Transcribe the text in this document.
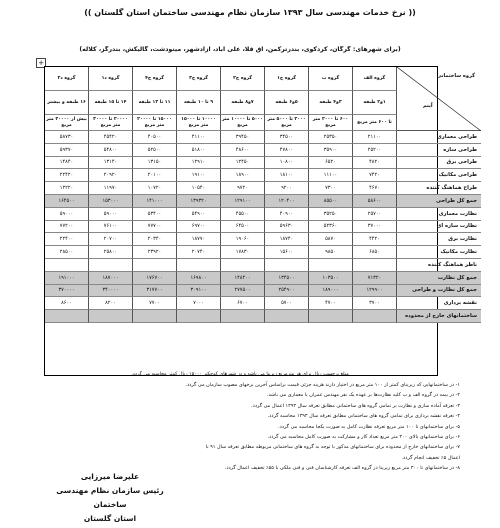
(( نرخ خدمات مهندسی سال ۱۳۹۳ سازمان نظام مهندسی ساختمان استان گلستان ))
(برای شهرهای: گرگان، کردکوی، بندرترکمن، آق قلا، علی آباد، آزادشهر، مینودشت، گالیکش، بندرگز، کلاله)
+
گروه ساختمانی
آیتم
گروه الف
۱و۲ طبقه
تا ۶۰۰ متر مربع
گروه ب
۳و۴ طبقه
۶۰۰ تا ۲۰۰۰ متر مربع
گروه ج۱
۵و۶ طبقه
۲۰۰۰ تا ۵۰۰۰ متر مربع
گروه ج۲
۷و۸ طبقه
۵۰۰۰ تا ۱۰۰۰۰ متر مربع
گروه ج۳
۹ تا ۱۰ طبقه
۱۰۰۰۰ تا ۱۵۰۰۰ متر مربع
گروه ج۴
۱۱ تا ۱۳ طبقه
۱۵۰۰۰ تا ۲۰۰۰۰ متر مربع
گروه د۱
۱۴ تا ۱۵ طبقه
۲۰۰۰۰ تا ۳۰۰۰۰ متر مربع
گروه د۲
۱۶ طبقه و بیشتر
بیش از ۳۰۰۰۰ متر مربع
طراحی معماری
۲۱۱۰۰
۲۵۳۵۰
۳۴۵۰۰
۳۹۴۵۰
۴۱۱۰۰
۴۰۵۰۰
۴۵۴۲۰
۵۸۷۳۰
طراحی سازه
۲۵۲۰۰
۳۵۹۰۰
۴۷۸۰۰
۴۸۶۰۰
۵۱۸۰۰
۵۲۵۰۰
۵۴۸۰۰
۵۹۳۷۰
طراحی برق
۴۸۲۰
۶۵۲۰
۱۰۸۰۰
۱۲۴۵۰
۱۲۹۱۰
۱۳۱۵۰
۱۳۱۴۰
۱۴۸۴۰
طراحی مکانیک
۷۴۲۰
۱۱۱۰۰
۱۸۱۰۰
۱۸۹۰۰
۱۹۱۰۰
۲۰۱۰۰
۲۰۹۲۰
۲۲۴۲۰
طراح هماهنگ کننده
۴۶۷۰
۷۳۰۰
۹۲۰۰
۹۷۲۰
۱۰۵۴۰
۱۰۷۲۰
۱۱۹۷۰
۱۲۲۲۰
جمع کل طراحی
۵۸۶۰۰
۸۵۵۰۰
۱۲۰۴۰۰
۱۲۹۱۰۰
۱۳۹۳۲۰
۱۴۱۰۰۰
۱۵۳۰۰۰
۱۶۴۵۰۰
نظارت معماری
۲۵۷۰۰
۳۵۲۵۰
۴۰۹۰۰
۴۵۵۰۰
۵۴۹۰۰
۵۳۴۰۰
۵۹۰۰۰
۵۹۰۰۰
نظارت سازه ای
۳۷۰۰۰
۵۲۳۶۰
۵۹۶۳۰
۶۴۵۰۰
۶۹۷۰۰
۷۷۷۰۰
۷۶۱۰۰
۷۷۲۰۰
نظارت برق
۴۴۲۰
۵۸۷۰
۱۸۷۴۰
۱۹۰۶۰
۱۸۷۷۰
۲۰۳۴۰
۲۰۷۰۰
۲۲۴۰۰
نظارت مکانیک
۶۸۵۰
۹۸۵۰
۱۵۶۰۰
۱۷۸۳۰
۲۰۷۴۰
۲۳۹۲۰
۲۵۸۰۰
۲۸۵۰۰
ناظر هماهنگ کننده
جمع کل نظارت
۷۱۳۲۰
۱۰۳۵۰۰
۱۳۴۵۰۰
۱۴۸۴۰۰
۱۶۹۸۰۰
۱۷۶۷۰۰
۱۸۷۰۰۰
۱۹۱۰۰۰
جمع کل نظارت و طراحی
۱۲۹۹۰۰
۱۸۹۰۰۰
۲۵۴۹۰۰
۲۷۷۵۰۰
۳۰۹۱۰۰
۳۱۷۷۰۰
۳۴۰۰۰۰
۳۷۰۰۰۰
نقشه برداری
۳۷۰۰
۴۷۰۰
۵۷۰۰
۶۷۰۰
۷۰۰۰
۷۷۰۰
۸۲۰۰
۸۶۰۰
ساختمانهای خارج از محدوده
مبلغ برحسب ریال برای هر مترمربع زیربنا می باشد و در شهرهای کوچکتر ۱۵۰۰۰ ریال کمتر محاسبه می گردد.
۱- در ساختمانهایی که زیربنای کمتر از ۱۰۰ متر مربع در اختیار دارند هزینه جزئی قیمت براساس آخرین نرخهای مصوب سازمان می گردد.
۲- در بیمه در گروه الف و ب کلیه نظارت‌ها بر عهده یک نفر مهندس عمران یا معماری می باشد.
۳- تعرفه آماده سازی و نظارت بر تمامی گروه های ساختمانی مطابق تعرفه سال ۱۳۹۳ اعمال می گردد.
۴- تعرفه نقشه برداری برای تمامی گروه های ساختمانی مطابق تعرفه سال ۱۳۹۳ محاسبه گردد.
۵- برای ساختمانهای تا ۱۰۰ متر مربع تعرفه نظارت کامل به صورت یکجا محاسبه می گردد.
۶- برای ساختمانهای بالای ۳۰۰ متر مربع تعداد کار و مشارکت به صورت کامل محاسبه می گردد.
۷- برای ساختمانهای خارج از محدوده برای ساختمانهای مذکور با توجه به گروه های ساختمانی مربوطه مطابق تعرفه سال ۹۱ با
اعمال ۵٪ تخفیف انجام گردد.
۸- در ساختمانهای تا ۳۰۰ متر مربع زیربنا در گروه الف تعرفه کارشناسان فنی و فنی ملکی با ۵۵٪ تخفیف اعمال گردد.
علیرضا میرزایی
رئیس سازمان نظام مهندسی ساختمان
استان گلستان
